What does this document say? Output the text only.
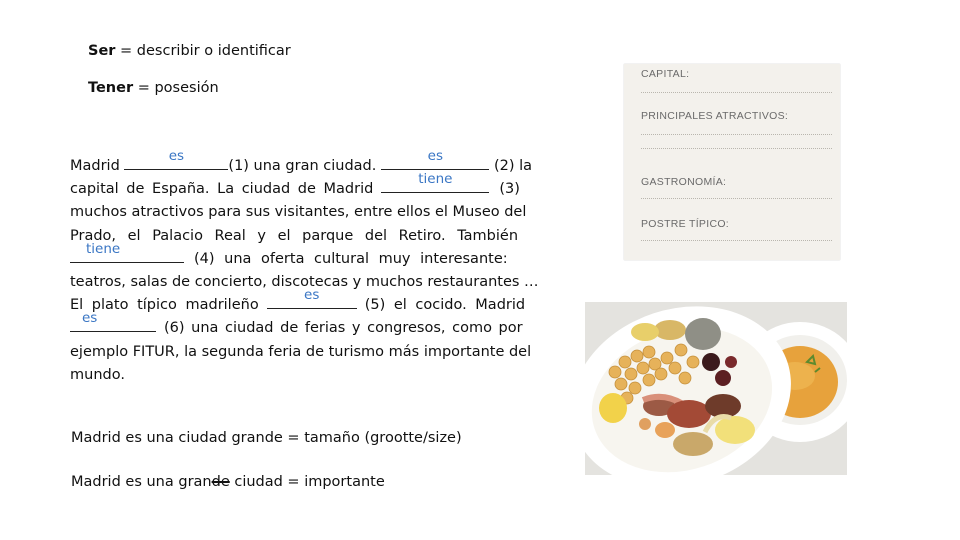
Ser = describir o identificar
Tener = posesión
Madrid
es
(1) una gran ciudad.
es
(2) la
capital de España. La ciudad de Madrid
tiene
(3)
muchos atractivos para sus visitantes, entre ellos el Museo del
Prado, el Palacio Real y el parque del Retiro. También
tiene
(4) una oferta cultural muy interesante:
teatros, salas de concierto, discotecas y muchos restaurantes …
El plato típico madrileño
es
(5) el cocido. Madrid
es
(6) una ciudad de ferias y congresos, como por
ejemplo FITUR, la segunda feria de turismo más importante del
mundo.
Madrid es una ciudad grande = tamaño (grootte/size)
Madrid es una grande ciudad = importante
CAPITAL:
PRINCIPALES ATRACTIVOS:
GASTRONOMÍA:
POSTRE TÍPICO:
